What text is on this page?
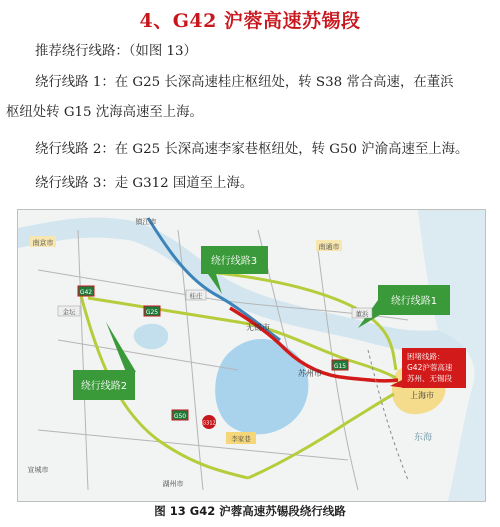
4、G42 沪蓉高速苏锡段
推荐绕行线路：（如图 13）
绕行线路 1：在 G25 长深高速桂庄枢纽处，转 S38 常合高速，在董浜
枢纽处转 G15 沈海高速至上海。
绕行线路 2：在 G25 长深高速李家巷枢纽处，转 G50 沪渝高速至上海。
绕行线路 3：走 G312 国道至上海。
绕行线路3
绕行线路1
绕行线路2
困堵线路：
G42沪蓉高速
苏州、无锡段
南京市
镇江市
南通市
无锡市
苏州市
上海市
湖州市
宣城市
金坛
桂庄
董浜
李家巷	东海
G42
G25
G50
G15
G312
图 13 G42 沪蓉高速苏锡段绕行线路
